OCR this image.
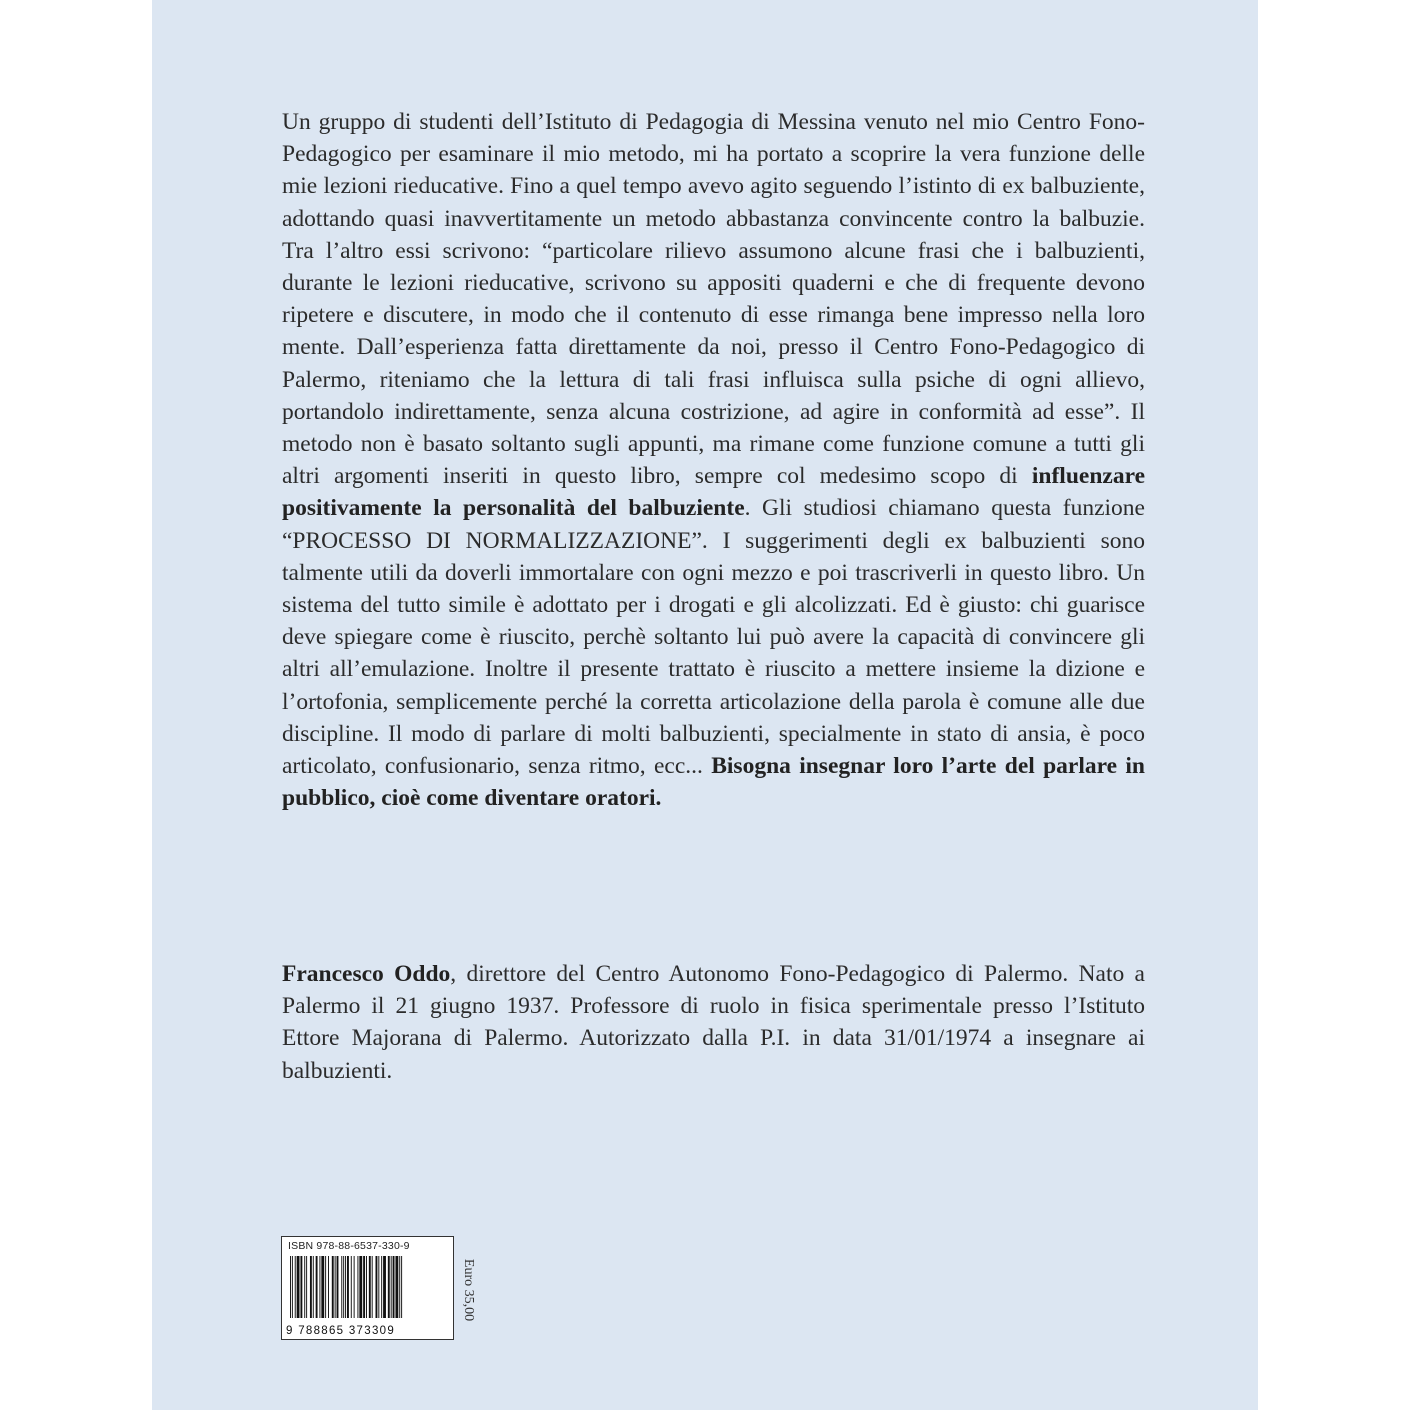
Un gruppo di studenti dell’Istituto di Pedagogia di Messina venuto nel mio Centro Fono-Pedagogico per esaminare il mio metodo, mi ha portato a scoprire la vera funzione delle mie lezioni rieducative. Fino a quel tempo avevo agito seguendo l’istinto di ex balbuziente, adottando quasi inavvertitamente un metodo abbastanza convincente contro la balbuzie. Tra l’altro essi scrivono: “particolare rilievo assumono alcune frasi che i balbuzienti, durante le lezioni rieducative, scrivono su appositi quaderni e che di frequente devono ripetere e discutere, in modo che il contenuto di esse rimanga bene impresso nella loro mente. Dall’esperienza fatta direttamente da noi, presso il Centro Fono-Pedagogico di Palermo, riteniamo che la lettura di tali frasi influisca sulla psiche di ogni allievo, portandolo indirettamente, senza alcuna costrizione, ad agire in conformità ad esse”. Il metodo non è basato soltanto sugli appunti, ma rimane come funzione comune a tutti gli altri argomenti inseriti in questo libro, sempre col medesimo scopo di influenzare positivamente la personalità del balbuziente. Gli studiosi chiamano questa funzione “PROCESSO DI NORMALIZZAZIONE”. I suggerimenti degli ex balbuzienti sono talmente utili da doverli immortalare con ogni mezzo e poi trascriverli in questo libro. Un sistema del tutto simile è adottato per i drogati e gli alcolizzati. Ed è giusto: chi guarisce deve spiegare come è riuscito, perchè soltanto lui può avere la capacità di convincere gli altri all’emulazione. Inoltre il presente trattato è riuscito a mettere insieme la dizione e l’ortofonia, semplicemente perché la corretta articolazione della parola è comune alle due discipline. Il modo di parlare di molti balbuzienti, specialmente in stato di ansia, è poco articolato, confusionario, senza ritmo, ecc... Bisogna insegnar loro l’arte del parlare in pubblico, cioè come diventare oratori.

Francesco Oddo, direttore del Centro Autonomo Fono-Pedagogico di Palermo. Nato a Palermo il 21 giugno 1937. Professore di ruolo in fisica sperimentale presso l’Istituto Ettore Majorana di Palermo. Autorizzato dalla P.I. in data 31/01/1974 a insegnare ai balbuzienti.

ISBN 978-88-6537-330-9
9 788865 373309
Euro 35,00
